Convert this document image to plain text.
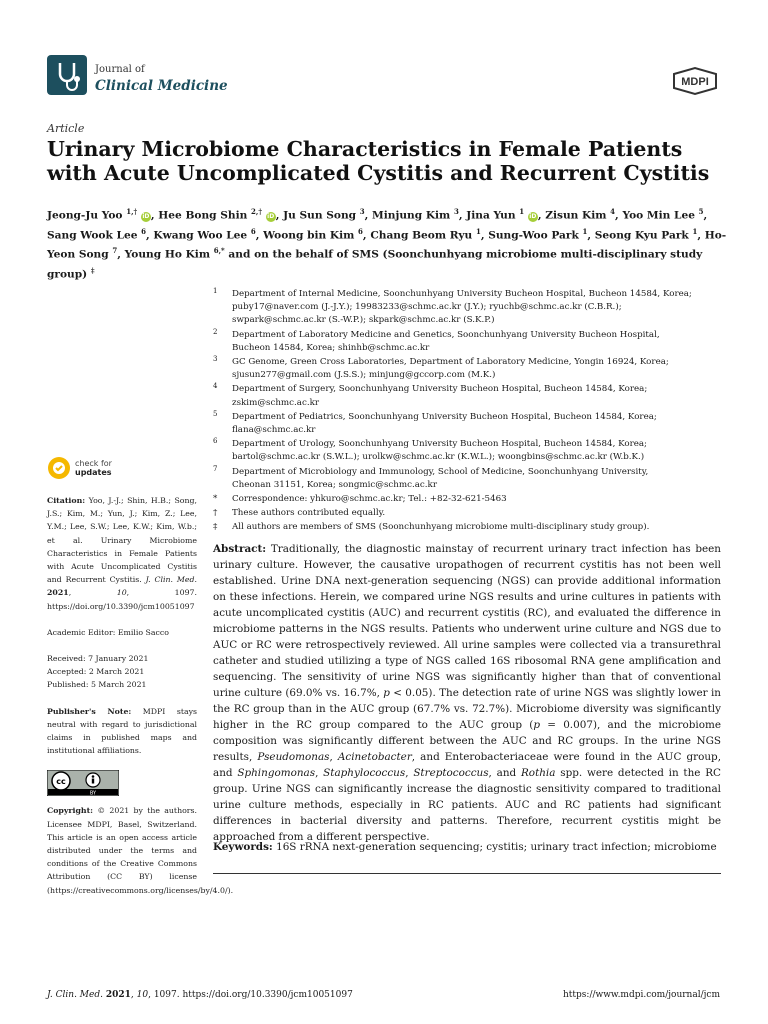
Journal of
Clinical Medicine	MDPI
Article
Urinary Microbiome Characteristics in Female Patients with Acute Uncomplicated Cystitis and Recurrent Cystitis
Jeong-Ju Yoo $^{1,\dagger}$ iD, Hee Bong Shin $^{2,\dagger}$ iD, Ju Sun Song $^3$, Minjung Kim $^3$, Jina Yun $^1$ iD, Zisun Kim $^4$, Yoo Min Lee $^5$, Sang Wook Lee $^6$, Kwang Woo Lee $^6$, Woong bin Kim $^6$, Chang Beom Ryu $^1$, Sung-Woo Park $^1$, Seong Kyu Park $^1$, Ho-Yeon Song $^7$, Young Ho Kim $^{6,*}$ and on the behalf of SMS (Soonchunhyang microbiome multi-disciplinary study group) ‡
1 Department of Internal Medicine, Soonchunhyang University Bucheon Hospital, Bucheon 14584, Korea;
puby17@naver.com (J.-J.Y.); 19983233@schmc.ac.kr (J.Y.); ryuchb@schmc.ac.kr (C.B.R.);
swpark@schmc.ac.kr (S.-W.P.); skpark@schmc.ac.kr (S.K.P.)
2 Department of Laboratory Medicine and Genetics, Soonchunhyang University Bucheon Hospital,
Bucheon 14584, Korea; shinhb@schmc.ac.kr
3 GC Genome, Green Cross Laboratories, Department of Laboratory Medicine, Yongin 16924, Korea;
sjusun277@gmail.com (J.S.S.); minjung@gccorp.com (M.K.)
4 Department of Surgery, Soonchunhyang University Bucheon Hospital, Bucheon 14584, Korea;
zskim@schmc.ac.kr
5 Department of Pediatrics, Soonchunhyang University Bucheon Hospital, Bucheon 14584, Korea;
flana@schmc.ac.kr
6 Department of Urology, Soonchunhyang University Bucheon Hospital, Bucheon 14584, Korea;
bartol@schmc.ac.kr (S.W.L.); urolkw@schmc.ac.kr (K.W.L.); woongbins@schmc.ac.kr (W.b.K.)
7 Department of Microbiology and Immunology, School of Medicine, Soonchunhyang University,
Cheonan 31151, Korea; songmic@schmc.ac.kr
* Correspondence: yhkuro@schmc.ac.kr; Tel.: +82-32-621-5463
† These authors contributed equally.
‡ All authors are members of SMS (Soonchunhyang microbiome multi-disciplinary study group).
check for
updates
Citation: Yoo, J.-J.; Shin, H.B.; Song, J.S.; Kim, M.; Yun, J.; Kim, Z.; Lee, Y.M.; Lee, S.W.; Lee, K.W.; Kim, W.b.; et al. Urinary Microbiome Characteristics in Female Patients with Acute Uncomplicated Cystitis and Recurrent Cystitis. J. Clin. Med. 2021, 10, 1097. https://doi.org/10.3390/jcm10051097
Academic Editor: Emilio Sacco
Received: 7 January 2021
Accepted: 2 March 2021
Published: 5 March 2021
Publisher's Note: MDPI stays neutral with regard to jurisdictional claims in published maps and institutional affiliations.
cc
BY
Copyright: © 2021 by the authors. Licensee MDPI, Basel, Switzerland. This article is an open access article distributed under the terms and conditions of the Creative Commons Attribution (CC BY) license (https://creativecommons.org/licenses/by/4.0/).
Abstract: Traditionally, the diagnostic mainstay of recurrent urinary tract infection has been urinary culture. However, the causative uropathogen of recurrent cystitis has not been well established. Urine DNA next-generation sequencing (NGS) can provide additional information on these infections. Herein, we compared urine NGS results and urine cultures in patients with acute uncomplicated cystitis (AUC) and recurrent cystitis (RC), and evaluated the difference in microbiome patterns in the NGS results. Patients who underwent urine culture and NGS due to AUC or RC were retrospectively reviewed. All urine samples were collected via a transurethral catheter and studied utilizing a type of NGS called 16S ribosomal RNA gene amplification and sequencing. The sensitivity of urine NGS was significantly higher than that of conventional urine culture (69.0% vs. 16.7%, p < 0.05). The detection rate of urine NGS was slightly lower in the RC group than in the AUC group (67.7% vs. 72.7%). Microbiome diversity was significantly higher in the RC group compared to the AUC group (p = 0.007), and the microbiome composition was significantly different between the AUC and RC groups. In the urine NGS results, Pseudomonas, Acinetobacter, and Enterobacteriaceae were found in the AUC group, and Sphingomonas, Staphylococcus, Streptococcus, and Rothia spp. were detected in the RC group. Urine NGS can significantly increase the diagnostic sensitivity compared to traditional urine culture methods, especially in RC patients. AUC and RC patients had significant differences in bacterial diversity and patterns. Therefore, recurrent cystitis might be approached from a different perspective.
Keywords: 16S rRNA next-generation sequencing; cystitis; urinary tract infection; microbiome
J. Clin. Med. 2021, 10, 1097. https://doi.org/10.3390/jcm10051097	https://www.mdpi.com/journal/jcm
